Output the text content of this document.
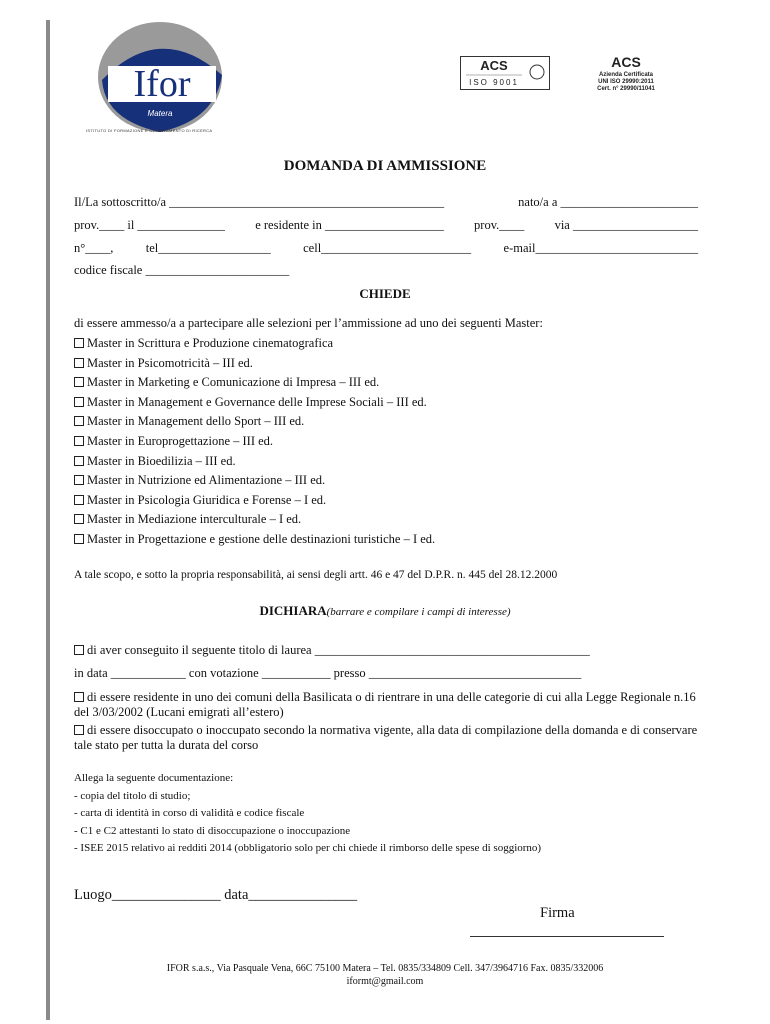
Ifor
Matera
ISTITUTO DI FORMAZIONE E ORIENTAMENTO DI RICERCA
ACS
ISO 9001
ACS
Azienda Certificata
UNI ISO 29990:2011
Cert. n° 29990/11041
DOMANDA DI AMMISSIONE
Il/La sottoscritto/a ____________________________________________	nato/a a ______________________
prov.____ il ______________ e residente in ___________________ prov.____ via ____________________
n°____,	tel__________________	cell________________________	e-mail__________________________
codice fiscale _______________________
CHIEDE
di essere ammesso/a a partecipare alle selezioni per l’ammissione ad uno dei seguenti Master:
Master in Scrittura e Produzione cinematografica
Master in Psicomotricità – III ed.
Master in Marketing e Comunicazione di Impresa – III ed.
Master in Management e Governance delle Imprese Sociali – III ed.
Master in Management dello Sport – III ed.
Master in Europrogettazione – III ed.
Master in Bioedilizia – III ed.
Master in Nutrizione ed Alimentazione – III ed.
Master in Psicologia Giuridica e Forense – I ed.
Master in Mediazione interculturale – I ed.
Master in Progettazione e gestione delle destinazioni turistiche – I ed.
A tale scopo, e sotto la propria responsabilità, ai sensi degli artt. 46 e 47 del D.P.R. n. 445 del 28.12.2000
DICHIARA(barrare e compilare i campi di interesse)
di aver conseguito il seguente titolo di laurea ____________________________________________
in data ____________ con votazione ___________ presso __________________________________
di essere residente in uno dei comuni della Basilicata o di rientrare in una delle categorie di cui alla Legge Regionale n.16 del 3/03/2002 (Lucani emigrati all’estero)
di essere disoccupato o inoccupato secondo la normativa vigente, alla data di compilazione della domanda e di conservare tale stato per tutta la durata del corso
Allega la seguente documentazione:
- copia del titolo di studio;
- carta di identità in corso di validità e codice fiscale
- C1 e C2 attestanti lo stato di disoccupazione o inoccupazione
- ISEE 2015 relativo ai redditi 2014 (obbligatorio solo per chi chiede il rimborso delle spese di soggiorno)
Luogo_______________ data_______________
Firma
IFOR s.a.s., Via Pasquale Vena, 66C 75100 Matera – Tel. 0835/334809 Cell. 347/3964716 Fax. 0835/332006
iformt@gmail.com
